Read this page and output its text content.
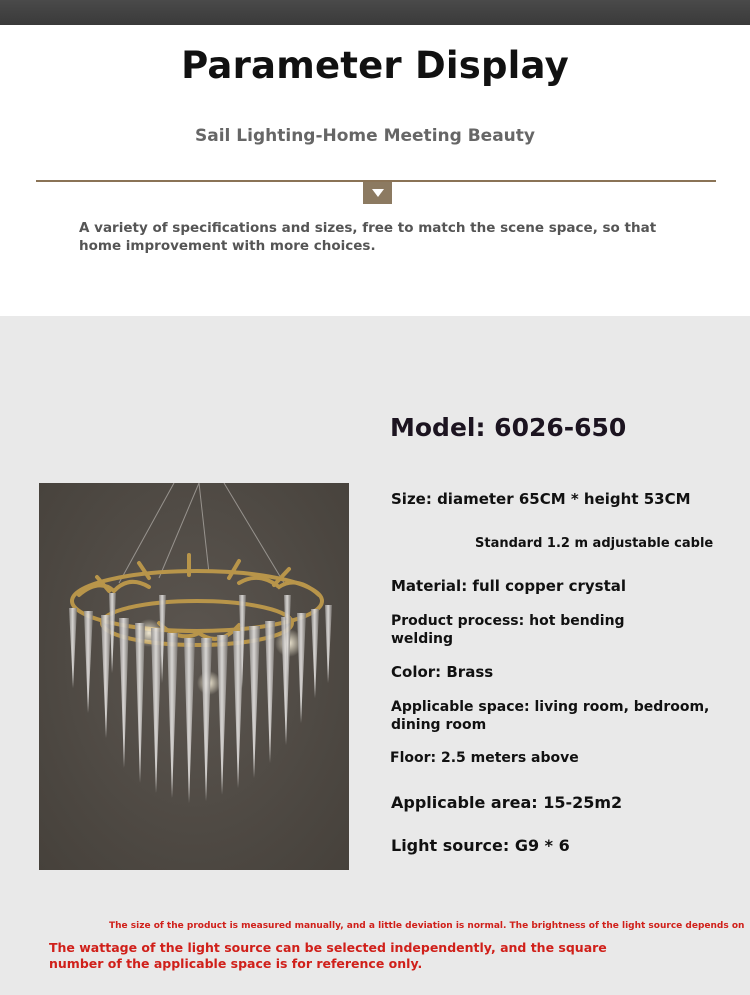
Parameter Display
Sail Lighting-Home Meeting Beauty
A variety of specifications and sizes, free to match the scene space, so that home improvement with more choices.
Model: 6026-650
Size: diameter 65CM * height 53CM
Standard 1.2 m adjustable cable
Material: full copper crystal
Product process: hot bending welding
Color: Brass
Applicable space: living room, bedroom, dining room
Floor: 2.5 meters above
Applicable area: 15-25m2
Light source: G9 * 6
The size of the product is measured manually, and a little deviation is normal. The brightness of the light source depends on
The wattage of the light source can be selected independently, and the square number of the applicable space is for reference only.
